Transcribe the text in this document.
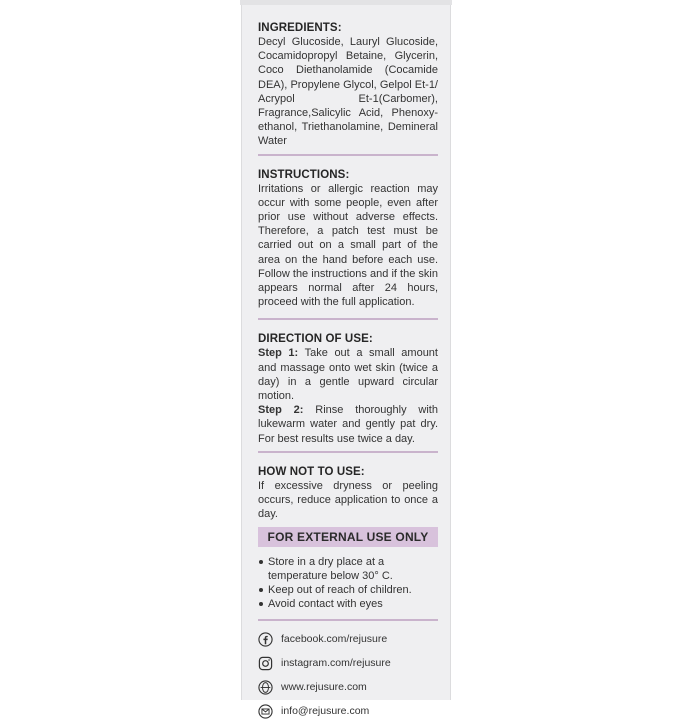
INGREDIENTS:
Decyl Glucoside, Lauryl Glucoside, Cocamidopropyl Betaine, Glycerin, Coco Diethanolamide (Cocamide DEA), Propylene Glycol, Gelpol Et-1/ Acrypol Et-1(Carbomer), Fragrance,Salicylic Acid, Phenoxy-ethanol, Triethanolamine, Demineral Water
INSTRUCTIONS:
Irritations or allergic reaction may occur with some people, even after prior use without adverse effects. Therefore, a patch test must be carried out on a small part of the area on the hand before each use. Follow the instructions and if the skin appears normal after 24 hours, proceed with the full application.
DIRECTION OF USE:
Step 1: Take out a small amount and massage onto wet skin (twice a day) in a gentle upward circular motion.
Step 2: Rinse thoroughly with lukewarm water and gently pat dry. For best results use twice a day.
HOW NOT TO USE:
If excessive dryness or peeling occurs, reduce application to once a day.
FOR EXTERNAL USE ONLY
Store in a dry place at a temperature below 30° C.
Keep out of reach of children.
Avoid contact with eyes
facebook.com/rejusure
instagram.com/rejusure
www.rejusure.com
info@rejusure.com
